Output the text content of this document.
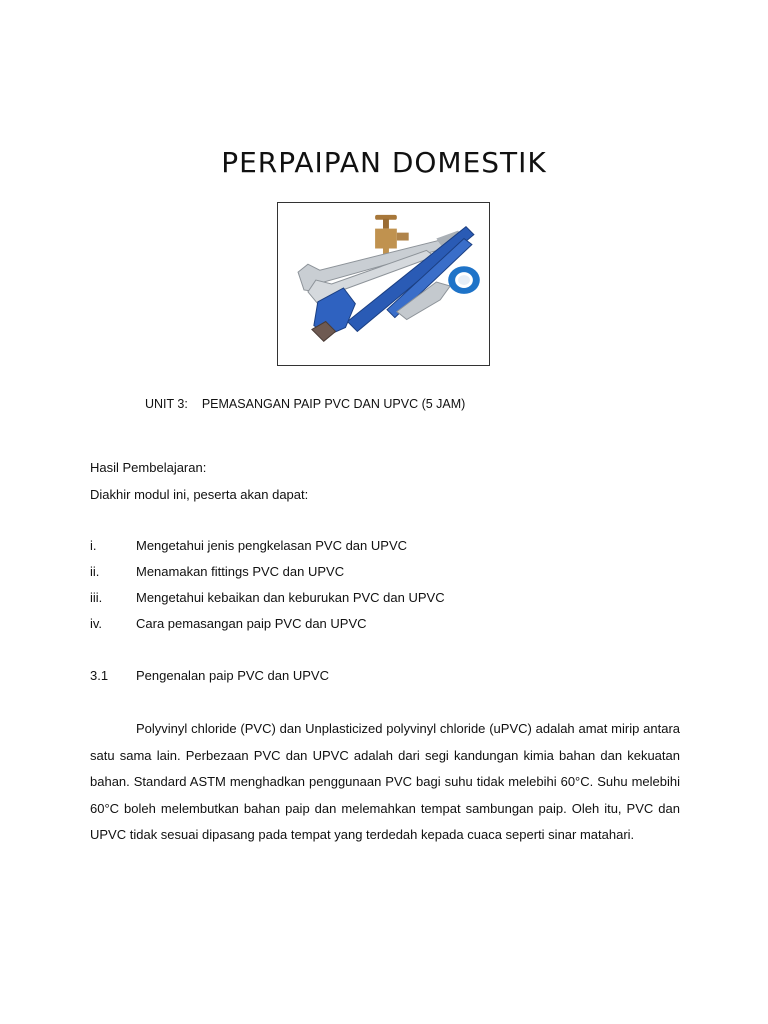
PERPAIPAN DOMESTIK
UNIT 3: PEMASANGAN PAIP PVC DAN UPVC (5 JAM)
Hasil Pembelajaran:
Diakhir modul ini, peserta akan dapat:
i.	Mengetahui jenis pengkelasan PVC dan UPVC
ii.	Menamakan fittings PVC dan UPVC
iii.	Mengetahui kebaikan dan keburukan PVC dan UPVC
iv.	Cara pemasangan paip PVC dan UPVC
3.1 Pengenalan paip PVC dan UPVC

Polyvinyl chloride (PVC) dan Unplasticized polyvinyl chloride (uPVC) adalah amat mirip antara satu sama lain. Perbezaan PVC dan UPVC adalah dari segi kandungan kimia bahan dan kekuatan bahan. Standard ASTM menghadkan penggunaan PVC bagi suhu tidak melebihi 60°C. Suhu melebihi 60°C boleh melembutkan bahan paip dan melemahkan tempat sambungan paip. Oleh itu, PVC dan UPVC tidak sesuai dipasang pada tempat yang terdedah kepada cuaca seperti sinar matahari.
